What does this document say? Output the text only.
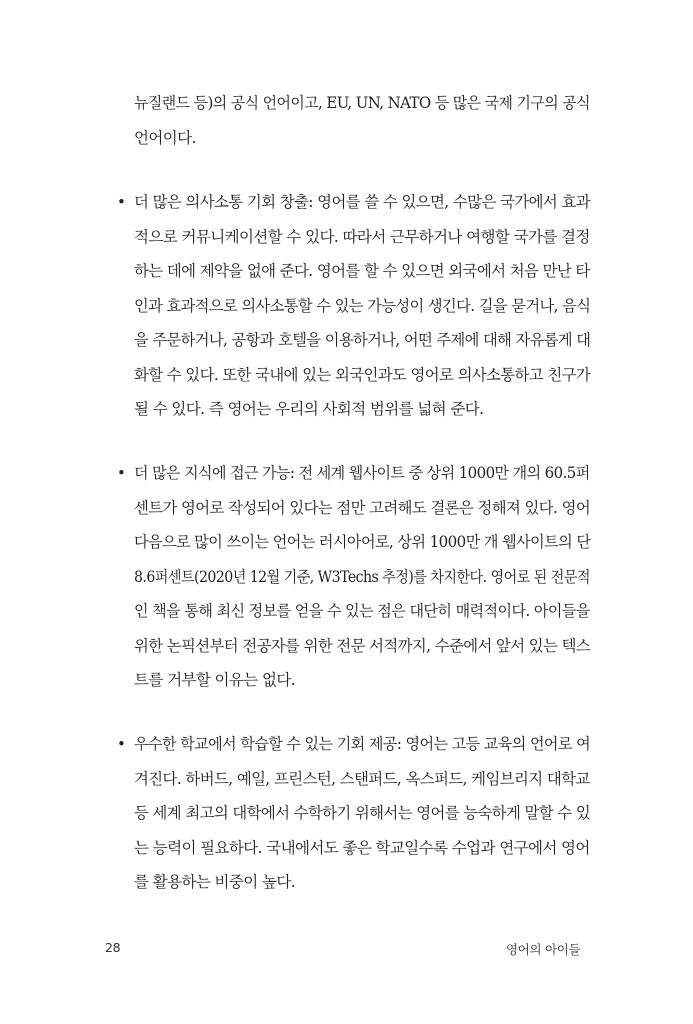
뉴질랜드 등)의 공식 언어이고, EU, UN, NATO 등 많은 국제 기구의 공식
언어이다.
• 더 많은 의사소통 기회 창출: 영어를 쓸 수 있으면, 수많은 국가에서 효과
적으로 커뮤니케이션할 수 있다. 따라서 근무하거나 여행할 국가를 결정
하는 데에 제약을 없애 준다. 영어를 할 수 있으면 외국에서 처음 만난 타
인과 효과적으로 의사소통할 수 있는 가능성이 생긴다. 길을 묻거나, 음식
을 주문하거나, 공항과 호텔을 이용하거나, 어떤 주제에 대해 자유롭게 대
화할 수 있다. 또한 국내에 있는 외국인과도 영어로 의사소통하고 친구가
될 수 있다. 즉 영어는 우리의 사회적 범위를 넓혀 준다.
• 더 많은 지식에 접근 가능: 전 세계 웹사이트 중 상위 1000만 개의 60.5퍼
센트가 영어로 작성되어 있다는 점만 고려해도 결론은 정해져 있다. 영어
다음으로 많이 쓰이는 언어는 러시아어로, 상위 1000만 개 웹사이트의 단
8.6퍼센트(2020년 12월 기준, W3Techs 추정)를 차지한다. 영어로 된 전문적
인 책을 통해 최신 정보를 얻을 수 있는 점은 대단히 매력적이다. 아이들을
위한 논픽션부터 전공자를 위한 전문 서적까지, 수준에서 앞서 있는 텍스
트를 거부할 이유는 없다.
• 우수한 학교에서 학습할 수 있는 기회 제공: 영어는 고등 교육의 언어로 여
겨진다. 하버드, 예일, 프린스턴, 스탠퍼드, 옥스퍼드, 케임브리지 대학교
등 세계 최고의 대학에서 수학하기 위해서는 영어를 능숙하게 말할 수 있
는 능력이 필요하다. 국내에서도 좋은 학교일수록 수업과 연구에서 영어
를 활용하는 비중이 높다.
28	영어의 아이들
